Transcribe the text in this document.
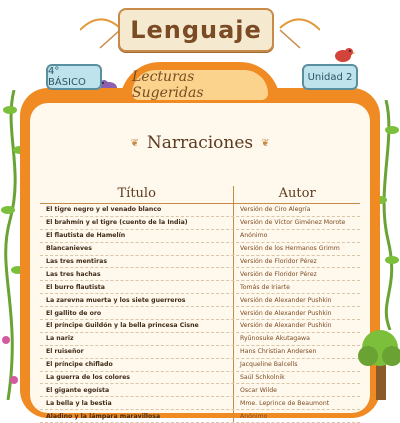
Lenguaje
Lecturas Sugeridas
4° BÁSICO	Unidad 2
❦ Narraciones ❦
Título	Autor
El tigre negro y el venado blanco	Versión de Ciro Alegría
El brahmín y el tigre (cuento de la India)	Versión de Víctor Giménez Morote
El flautista de Hamelín	Anónimo
Blancanieves	Versión de los Hermanos Grimm
Las tres mentiras	Versión de Floridor Pérez
Las tres hachas	Versión de Floridor Pérez
El burro flautista	Tomás de Iriarte
La zarevna muerta y los siete guerreros	Versión de Alexander Pushkin
El gallito de oro	Versión de Alexander Pushkin
El príncipe Guildón y la bella princesa Cisne	Versión de Alexander Pushkin
La nariz	Ryūnosuke Akutagawa
El ruiseñor	Hans Christian Andersen
El príncipe chiflado	Jacqueline Balcells
La guerra de los colores	Saúl Schkolnik
El gigante egoísta	Oscar Wilde
La bella y la bestia	Mme. Leprince de Beaumont
Aladino y la lámpara maravillosa	Anónimo
